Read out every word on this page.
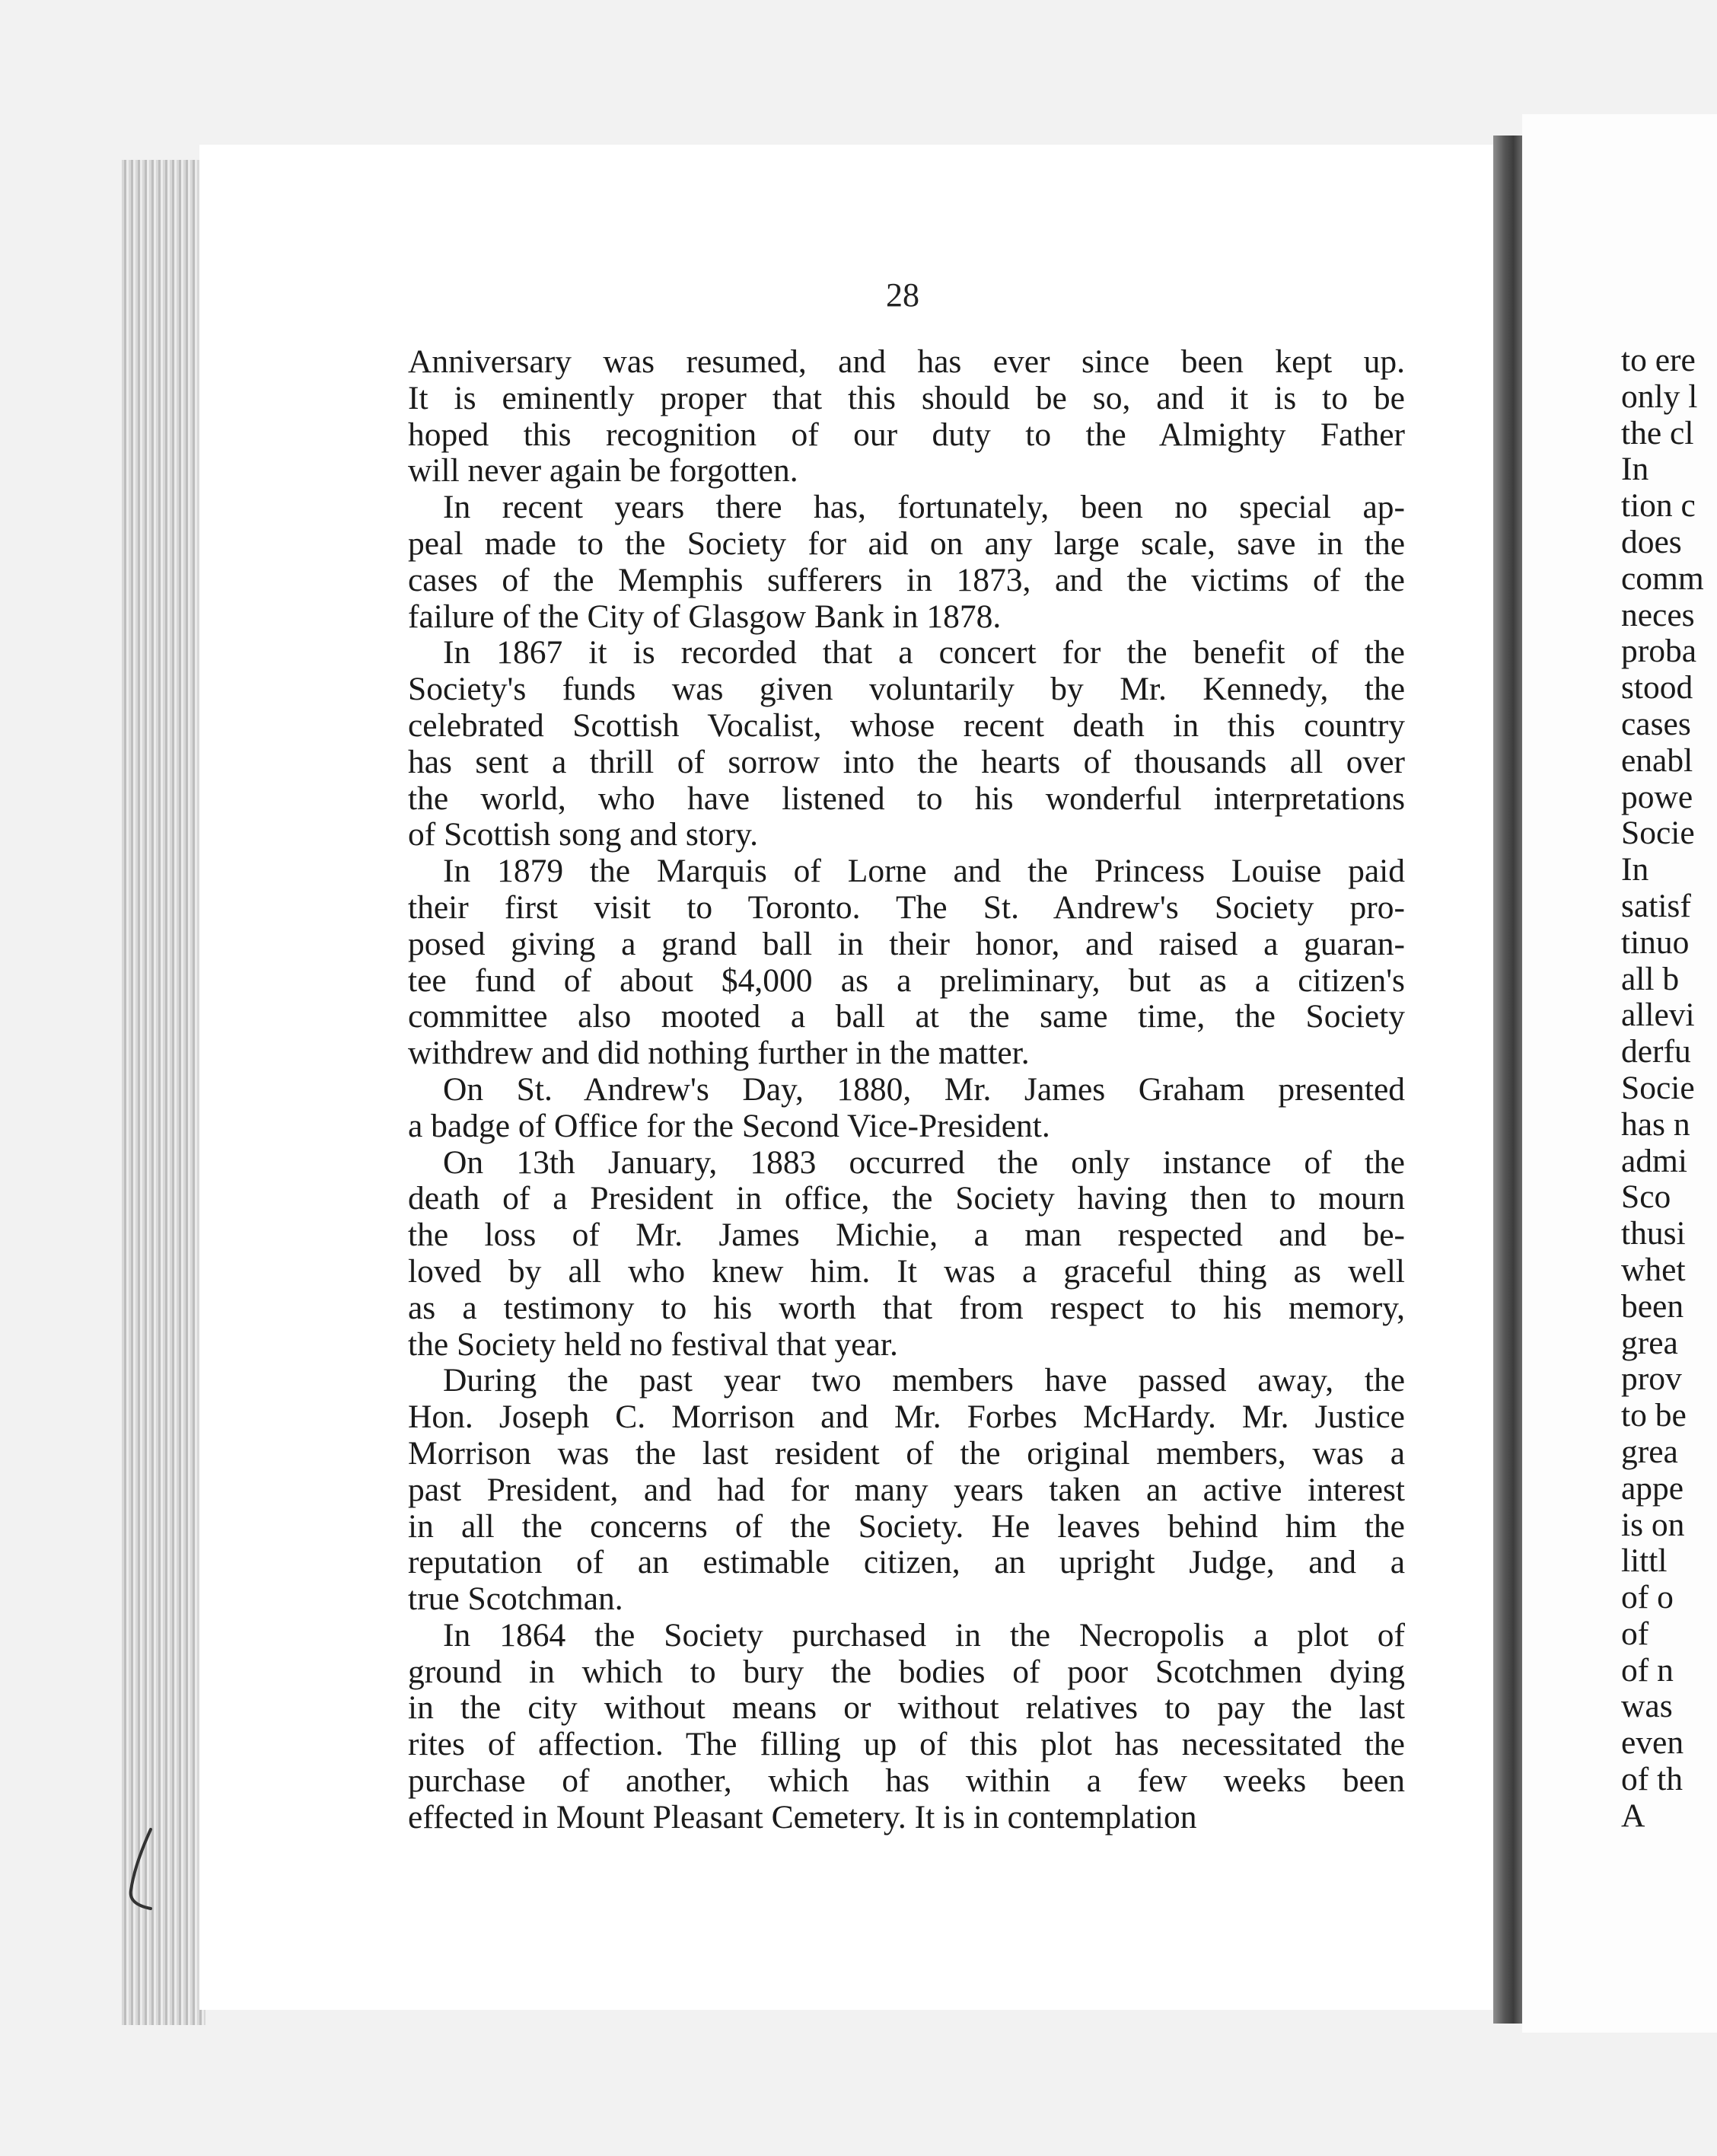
28
Anniversary was resumed, and has ever since been kept up.
It is eminently proper that this should be so, and it is to be
hoped this recognition of our duty to the Almighty Father
will never again be forgotten.
In recent years there has, fortunately, been no special ap-
peal made to the Society for aid on any large scale, save in the
cases of the Memphis sufferers in 1873, and the victims of the
failure of the City of Glasgow Bank in 1878.
In 1867 it is recorded that a concert for the benefit of the
Society's funds was given voluntarily by Mr. Kennedy, the
celebrated Scottish Vocalist, whose recent death in this country
has sent a thrill of sorrow into the hearts of thousands all over
the world, who have listened to his wonderful interpretations
of Scottish song and story.
In 1879 the Marquis of Lorne and the Princess Louise paid
their first visit to Toronto. The St. Andrew's Society pro-
posed giving a grand ball in their honor, and raised a guaran-
tee fund of about $4,000 as a preliminary, but as a citizen's
committee also mooted a ball at the same time, the Society
withdrew and did nothing further in the matter.
On St. Andrew's Day, 1880, Mr. James Graham presented
a badge of Office for the Second Vice-President.
On 13th January, 1883 occurred the only instance of the
death of a President in office, the Society having then to mourn
the loss of Mr. James Michie, a man respected and be-
loved by all who knew him. It was a graceful thing as well
as a testimony to his worth that from respect to his memory,
the Society held no festival that year.
During the past year two members have passed away, the
Hon. Joseph C. Morrison and Mr. Forbes McHardy. Mr. Justice
Morrison was the last resident of the original members, was a
past President, and had for many years taken an active interest
in all the concerns of the Society. He leaves behind him the
reputation of an estimable citizen, an upright Judge, and a
true Scotchman.
In 1864 the Society purchased in the Necropolis a plot of
ground in which to bury the bodies of poor Scotchmen dying
in the city without means or without relatives to pay the last
rites of affection. The filling up of this plot has necessitated the
purchase of another, which has within a few weeks been
effected in Mount Pleasant Cemetery. It is in contemplation
to ere
only l
the cl
In
tion c
does
comm
neces
proba
stood
cases
enabl
powe
Socie
In
satisf
tinuo
all b
allevi
derfu
Socie
has n
admi
Sco
thusi
whet
been
grea
prov
to be
grea
appe
is on
littl
of o
of
of n
was
even
of th
A
